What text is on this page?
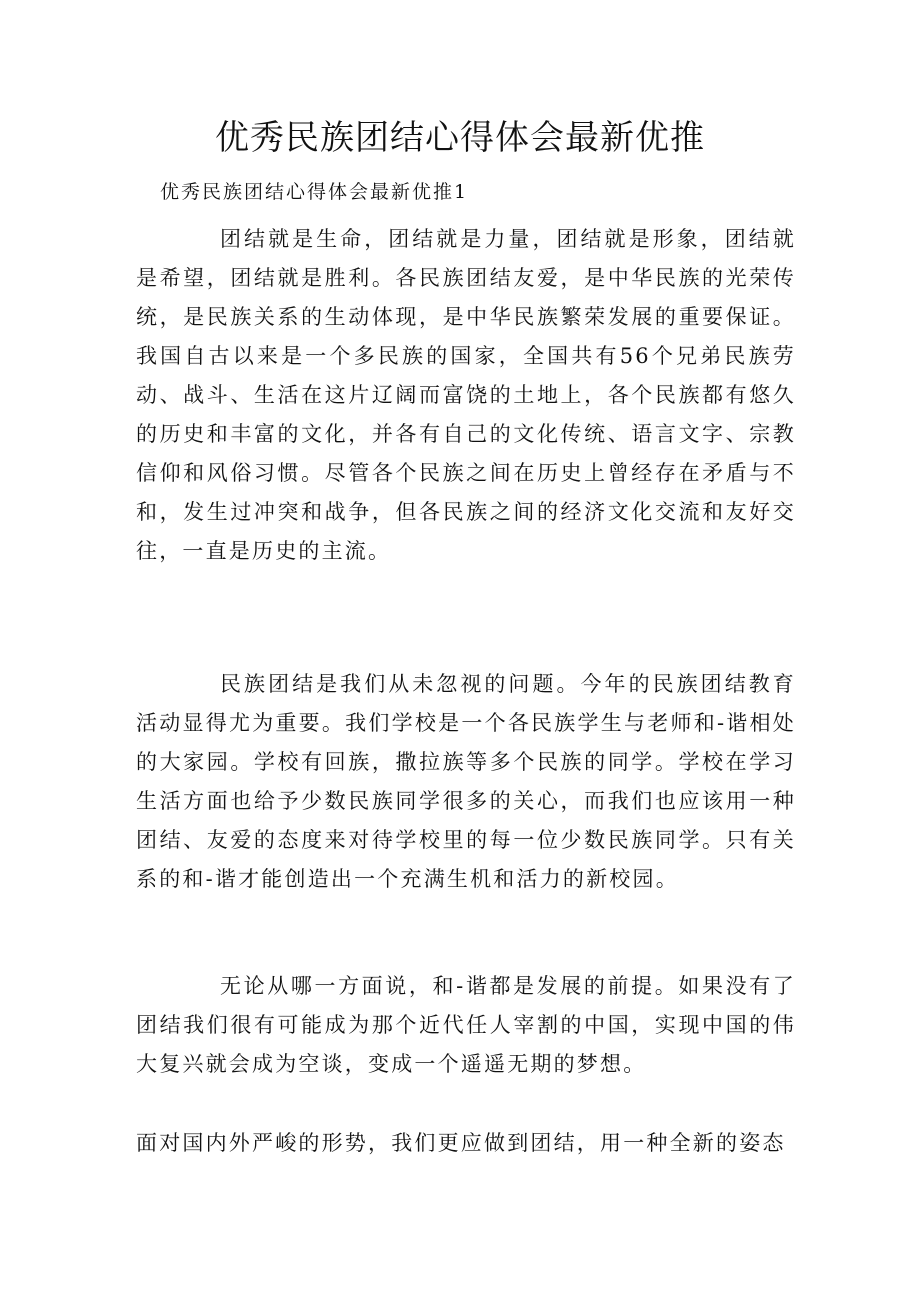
优秀民族团结心得体会最新优推
优秀民族团结心得体会最新优推1

团结就是生命，团结就是力量，团结就是形象，团结就是希望，团结就是胜利。各民族团结友爱，是中华民族的光荣传统，是民族关系的生动体现，是中华民族繁荣发展的重要保证。我国自古以来是一个多民族的国家，全国共有56个兄弟民族劳动、战斗、生活在这片辽阔而富饶的土地上，各个民族都有悠久的历史和丰富的文化，并各有自己的文化传统、语言文字、宗教信仰和风俗习惯。尽管各个民族之间在历史上曾经存在矛盾与不和，发生过冲突和战争，但各民族之间的经济文化交流和友好交往，一直是历史的主流。

民族团结是我们从未忽视的问题。今年的民族团结教育活动显得尤为重要。我们学校是一个各民族学生与老师和-谐相处的大家园。学校有回族，撒拉族等多个民族的同学。学校在学习生活方面也给予少数民族同学很多的关心，而我们也应该用一种团结、友爱的态度来对待学校里的每一位少数民族同学。只有关系的和-谐才能创造出一个充满生机和活力的新校园。

无论从哪一方面说，和-谐都是发展的前提。如果没有了团结我们很有可能成为那个近代任人宰割的中国，实现中国的伟大复兴就会成为空谈，变成一个遥遥无期的梦想。

面对国内外严峻的形势，我们更应做到团结，用一种全新的姿态
